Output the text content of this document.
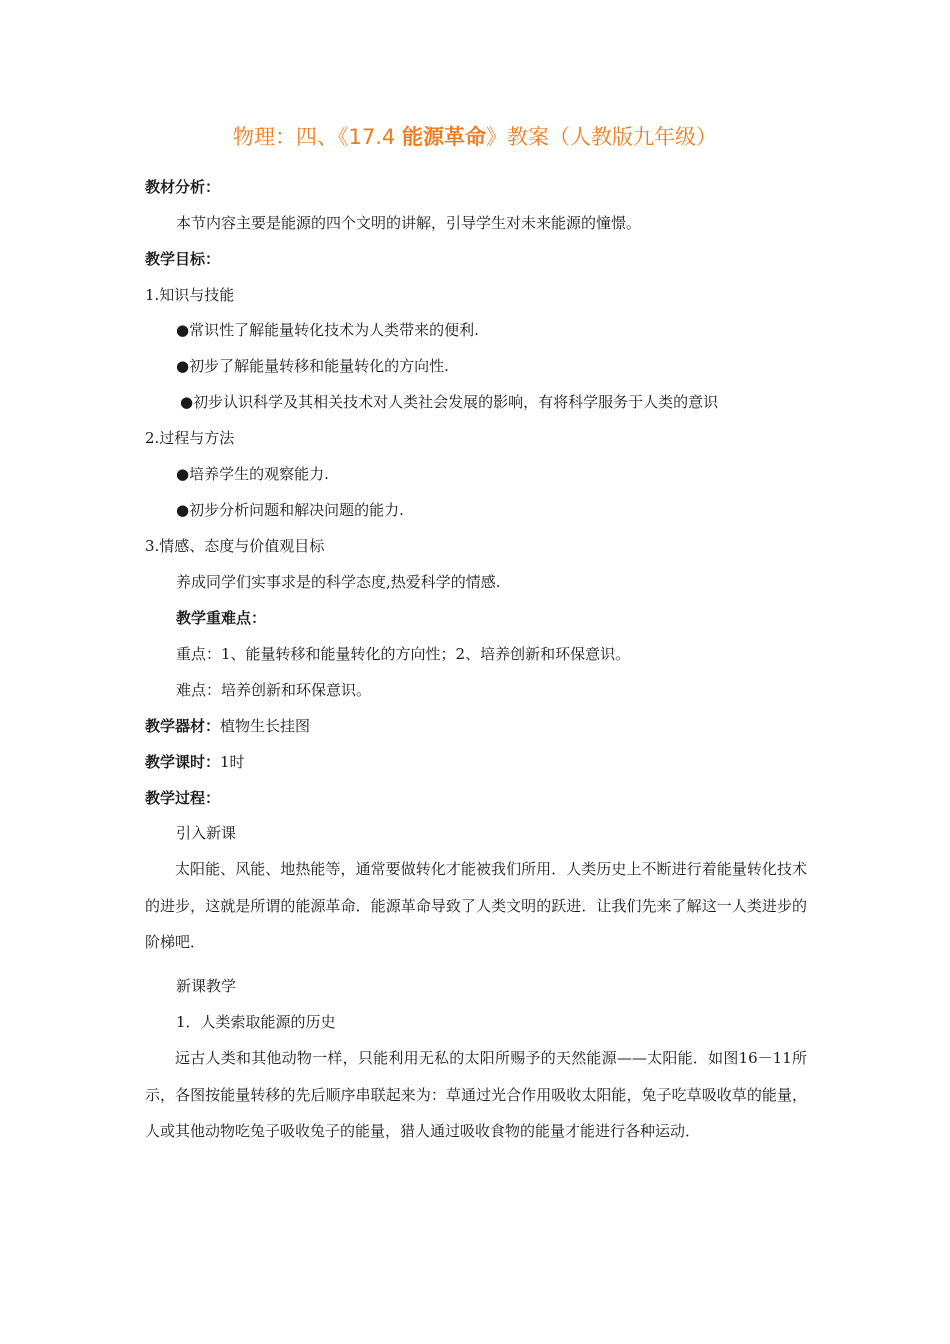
物理：四、《17.4 能源革命》教案（人教版九年级）
教材分析：
本节内容主要是能源的四个文明的讲解，引导学生对未来能源的憧憬。
教学目标：
1.知识与技能
●常识性了解能量转化技术为人类带来的便利.
●初步了解能量转移和能量转化的方向性.
●初步认识科学及其相关技术对人类社会发展的影响，有将科学服务于人类的意识
2.过程与方法
●培养学生的观察能力.
●初步分析问题和解决问题的能力.
3.情感、态度与价值观目标
养成同学们实事求是的科学态度,热爱科学的情感.
教学重难点：
重点：1、能量转移和能量转化的方向性；2、培养创新和环保意识。
难点：培养创新和环保意识。
教学器材：植物生长挂图
教学课时：1时
教学过程：
引入新课
太阳能、风能、地热能等，通常要做转化才能被我们所用．人类历史上不断进行着能量转化技术的进步，这就是所谓的能源革命．能源革命导致了人类文明的跃进．让我们先来了解这一人类进步的阶梯吧．
新课教学
1．人类索取能源的历史
远古人类和其他动物一样，只能利用无私的太阳所赐予的天然能源——太阳能．如图16－11所示，各图按能量转移的先后顺序串联起来为：草通过光合作用吸收太阳能，兔子吃草吸收草的能量，人或其他动物吃兔子吸收兔子的能量，猎人通过吸收食物的能量才能进行各种运动．
